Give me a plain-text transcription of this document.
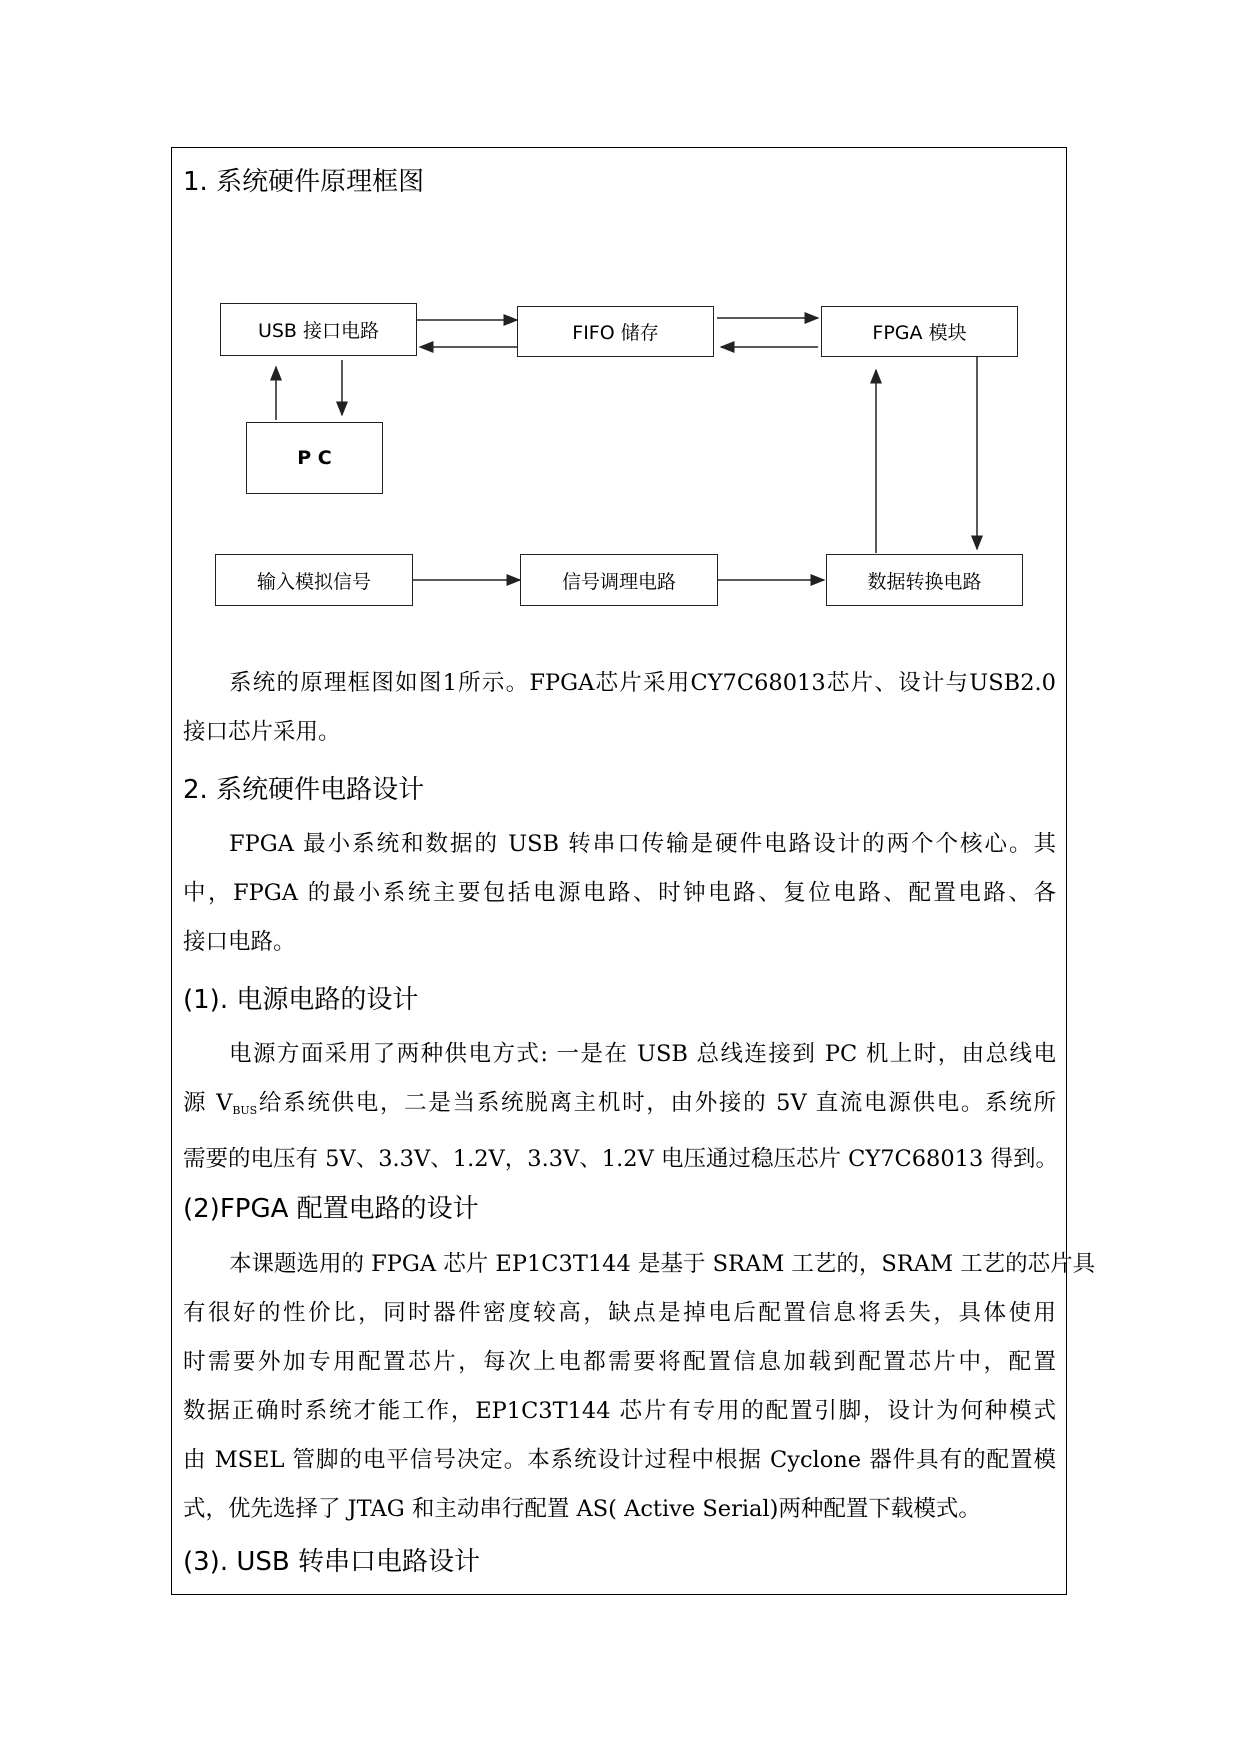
1. 系统硬件原理框图
USB 接口电路	FIFO 储存	FPGA 模块
P C
输入模拟信号	信号调理电路	数据转换电路
系统的原理框图如图1所示。FPGA芯片采用CY7C68013芯片、设计与USB2.0
接口芯片采用。
2. 系统硬件电路设计
FPGA 最小系统和数据的 USB 转串口传输是硬件电路设计的两个个核心。其
中，FPGA 的最小系统主要包括电源电路、时钟电路、复位电路、配置电路、各
接口电路。
(1). 电源电路的设计
电源方面采用了两种供电方式: 一是在 USB 总线连接到 PC 机上时，由总线电
源 $V_{BUS}$给系统供电，二是当系统脱离主机时，由外接的 5V 直流电源供电。系统所
需要的电压有 5V、3.3V、1.2V，3.3V、1.2V 电压通过稳压芯片 CY7C68013 得到。
(2)FPGA 配置电路的设计
本课题选用的 FPGA 芯片 EP1C3T144 是基于 SRAM 工艺的，SRAM 工艺的芯片具
有很好的性价比，同时器件密度较高，缺点是掉电后配置信息将丢失，具体使用
时需要外加专用配置芯片，每次上电都需要将配置信息加载到配置芯片中，配置
数据正确时系统才能工作，EP1C3T144 芯片有专用的配置引脚，设计为何种模式
由 MSEL 管脚的电平信号决定。本系统设计过程中根据 Cyclone 器件具有的配置模
式，优先选择了 JTAG 和主动串行配置 AS( Active Serial)两种配置下载模式。
(3). USB 转串口电路设计
